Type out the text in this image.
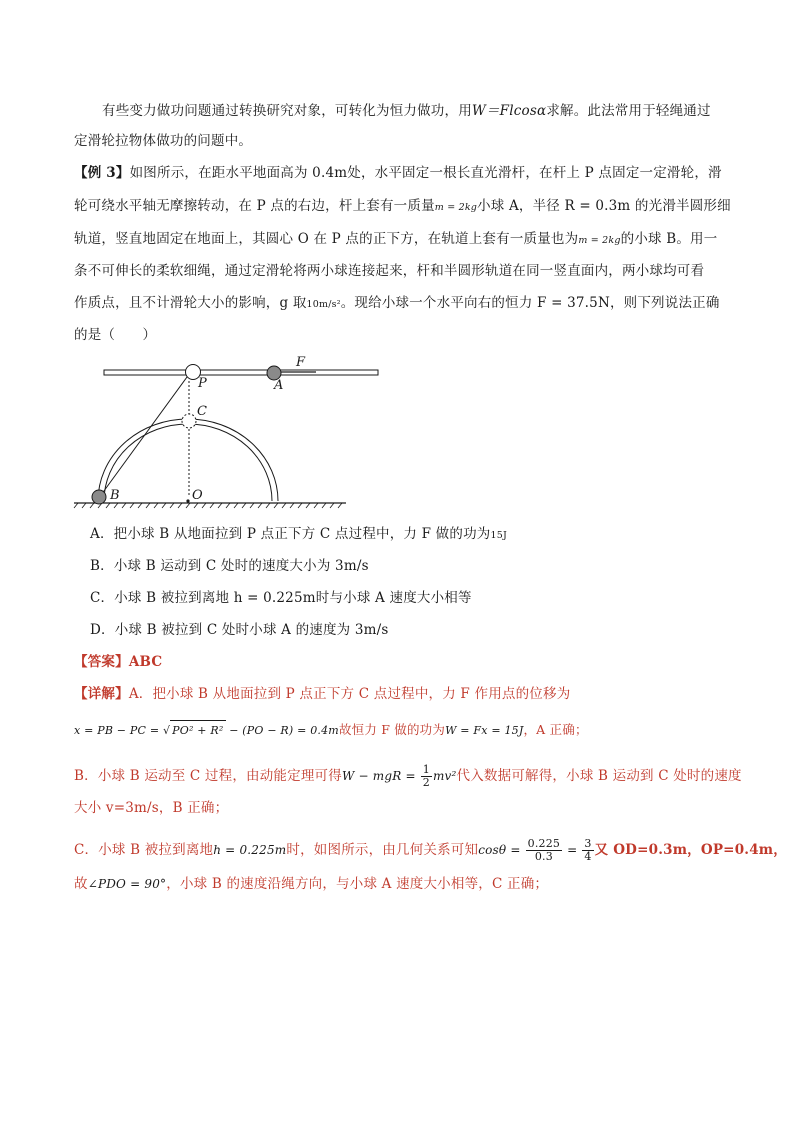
有些变力做功问题通过转换研究对象，可转化为恒力做功，用W＝Flcosα求解。此法常用于轻绳通过
定滑轮拉物体做功的问题中。
【例 3】如图所示，在距水平地面高为 0.4m处，水平固定一根长直光滑杆，在杆上 P 点固定一定滑轮，滑
轮可绕水平轴无摩擦转动，在 P 点的右边，杆上套有一质量m = 2kg小球 A，半径 R = 0.3m 的光滑半圆形细
轨道，竖直地固定在地面上，其圆心 O 在 P 点的正下方，在轨道上套有一质量也为m = 2kg的小球 B。用一
条不可伸长的柔软细绳，通过定滑轮将两小球连接起来，杆和半圆形轨道在同一竖直面内，两小球均可看
作质点，且不计滑轮大小的影响，g 取10m/s²。现给小球一个水平向右的恒力 F = 37.5N，则下列说法正确
的是（　　）
F
P	A
C
B	O
A．把小球 B 从地面拉到 P 点正下方 C 点过程中，力 F 做的功为15J
B．小球 B 运动到 C 处时的速度大小为 3m/s
C．小球 B 被拉到离地 h = 0.225m时与小球 A 速度大小相等
D．小球 B 被拉到 C 处时小球 A 的速度为 3m/s
【答案】ABC
【详解】A．把小球 B 从地面拉到 P 点正下方 C 点过程中，力 F 作用点的位移为
x = PB − PC = √ PO² + R² − (PO − R) = 0.4m故恒力 F 做的功为W = Fx = 15J，A 正确；
B．小球 B 运动至 C 过程，由动能定理可得W − mgR = $\frac{1}{2} mv^2$代入数据可解得，小球 B 运动到 C 处时的速度
大小 v=3m/s，B 正确；
C．小球 B 被拉到离地h = 0.225m时，如图所示，由几何关系可知$\cos\theta = \frac{0.225}{0.3} = \frac{3}{4}$ 又 OD=0.3m，OP=0.4m，
故∠PDO = 90°，小球 B 的速度沿绳方向，与小球 A 速度大小相等，C 正确；
